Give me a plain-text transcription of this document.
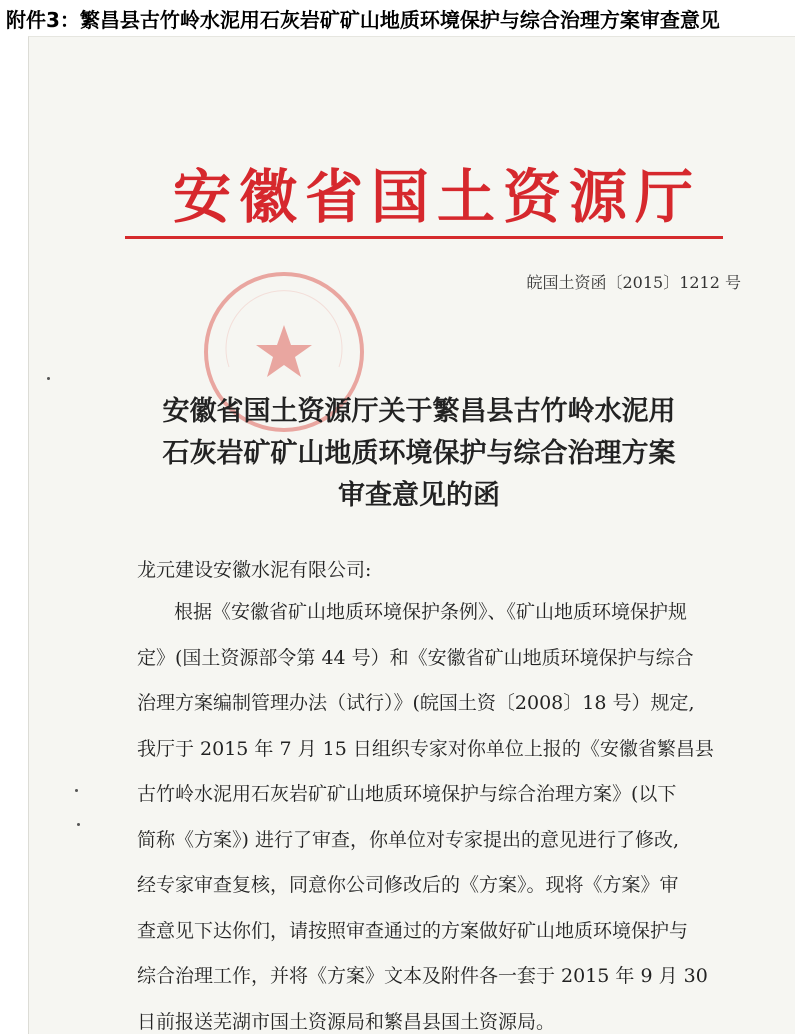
附件3：繁昌县古竹岭水泥用石灰岩矿矿山地质环境保护与综合治理方案审查意见
安徽省国土资源厅
皖国土资函〔2015〕1212 号
安徽省国土资源厅关于繁昌县古竹岭水泥用
石灰岩矿矿山地质环境保护与综合治理方案
审查意见的函
龙元建设安徽水泥有限公司:
根据《安徽省矿山地质环境保护条例》、《矿山地质环境保护规
定》(国土资源部令第 44 号）和《安徽省矿山地质环境保护与综合
治理方案编制管理办法（试行）》(皖国土资〔2008〕18 号）规定,
我厅于 2015 年 7 月 15 日组织专家对你单位上报的《安徽省繁昌县
古竹岭水泥用石灰岩矿矿山地质环境保护与综合治理方案》(以下
简称《方案》) 进行了审查，你单位对专家提出的意见进行了修改,
经专家审查复核，同意你公司修改后的《方案》。现将《方案》审
查意见下达你们，请按照审查通过的方案做好矿山地质环境保护与
综合治理工作，并将《方案》文本及附件各一套于 2015 年 9 月 30
日前报送芜湖市国土资源局和繁昌县国土资源局。
